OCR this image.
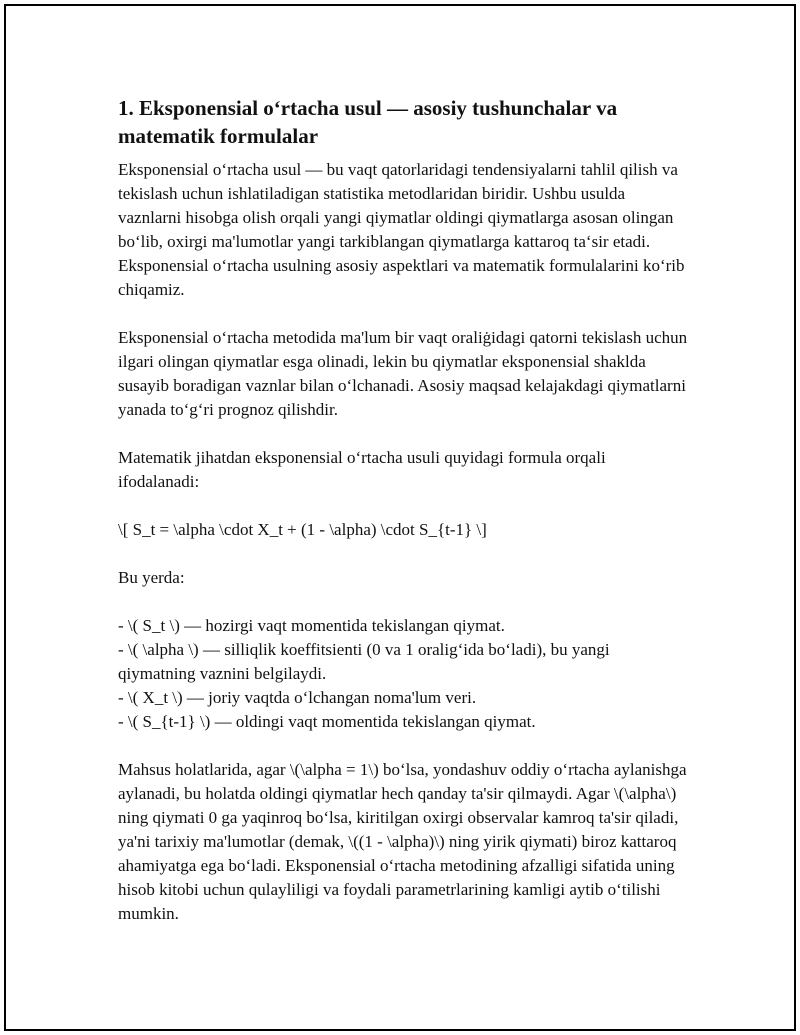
1. Eksponensial o‘rtacha usul — asosiy tushunchalar va matematik formulalar

Eksponensial o‘rtacha usul — bu vaqt qatorlaridagi tendensiyalarni tahlil qilish va tekislash uchun ishlatiladigan statistika metodlaridan biridir. Ushbu usulda vaznlarni hisobga olish orqali yangi qiymatlar oldingi qiymatlarga asosan olingan bo‘lib, oxirgi ma'lumotlar yangi tarkiblangan qiymatlarga kattaroq ta‘sir etadi. Eksponensial o‘rtacha usulning asosiy aspektlari va matematik formulalarini ko‘rib chiqamiz.

Eksponensial o‘rtacha metodida ma'lum bir vaqt oraliġidagi qatorni tekislash uchun ilgari olingan qiymatlar esga olinadi, lekin bu qiymatlar eksponensial shaklda susayib boradigan vaznlar bilan o‘lchanadi. Asosiy maqsad kelajakdagi qiymatlarni yanada to‘g‘ri prognoz qilishdir.

Matematik jihatdan eksponensial o‘rtacha usuli quyidagi formula orqali ifodalanadi:

\[ S_t = \alpha \cdot X_t + (1 - \alpha) \cdot S_{t-1} \]

Bu yerda:

- \( S_t \) — hozirgi vaqt momentida tekislangan qiymat.

- \( \alpha \) — silliqlik koeffitsienti (0 va 1 oralig‘ida bo‘ladi), bu yangi qiymatning vaznini belgilaydi.

- \( X_t \) — joriy vaqtda o‘lchangan noma'lum veri.

- \( S_{t-1} \) — oldingi vaqt momentida tekislangan qiymat.

Mahsus holatlarida, agar \(\alpha = 1\) bo‘lsa, yondashuv oddiy o‘rtacha aylanishga aylanadi, bu holatda oldingi qiymatlar hech qanday ta'sir qilmaydi. Agar \(\alpha\) ning qiymati 0 ga yaqinroq bo‘lsa, kiritilgan oxirgi observalar kamroq ta'sir qiladi, ya'ni tarixiy ma'lumotlar (demak, \((1 - \alpha)\) ning yirik qiymati) biroz kattaroq ahamiyatga ega bo‘ladi. Eksponensial o‘rtacha metodining afzalligi sifatida uning hisob kitobi uchun qulayliligi va foydali parametrlarining kamligi aytib o‘tilishi mumkin.
